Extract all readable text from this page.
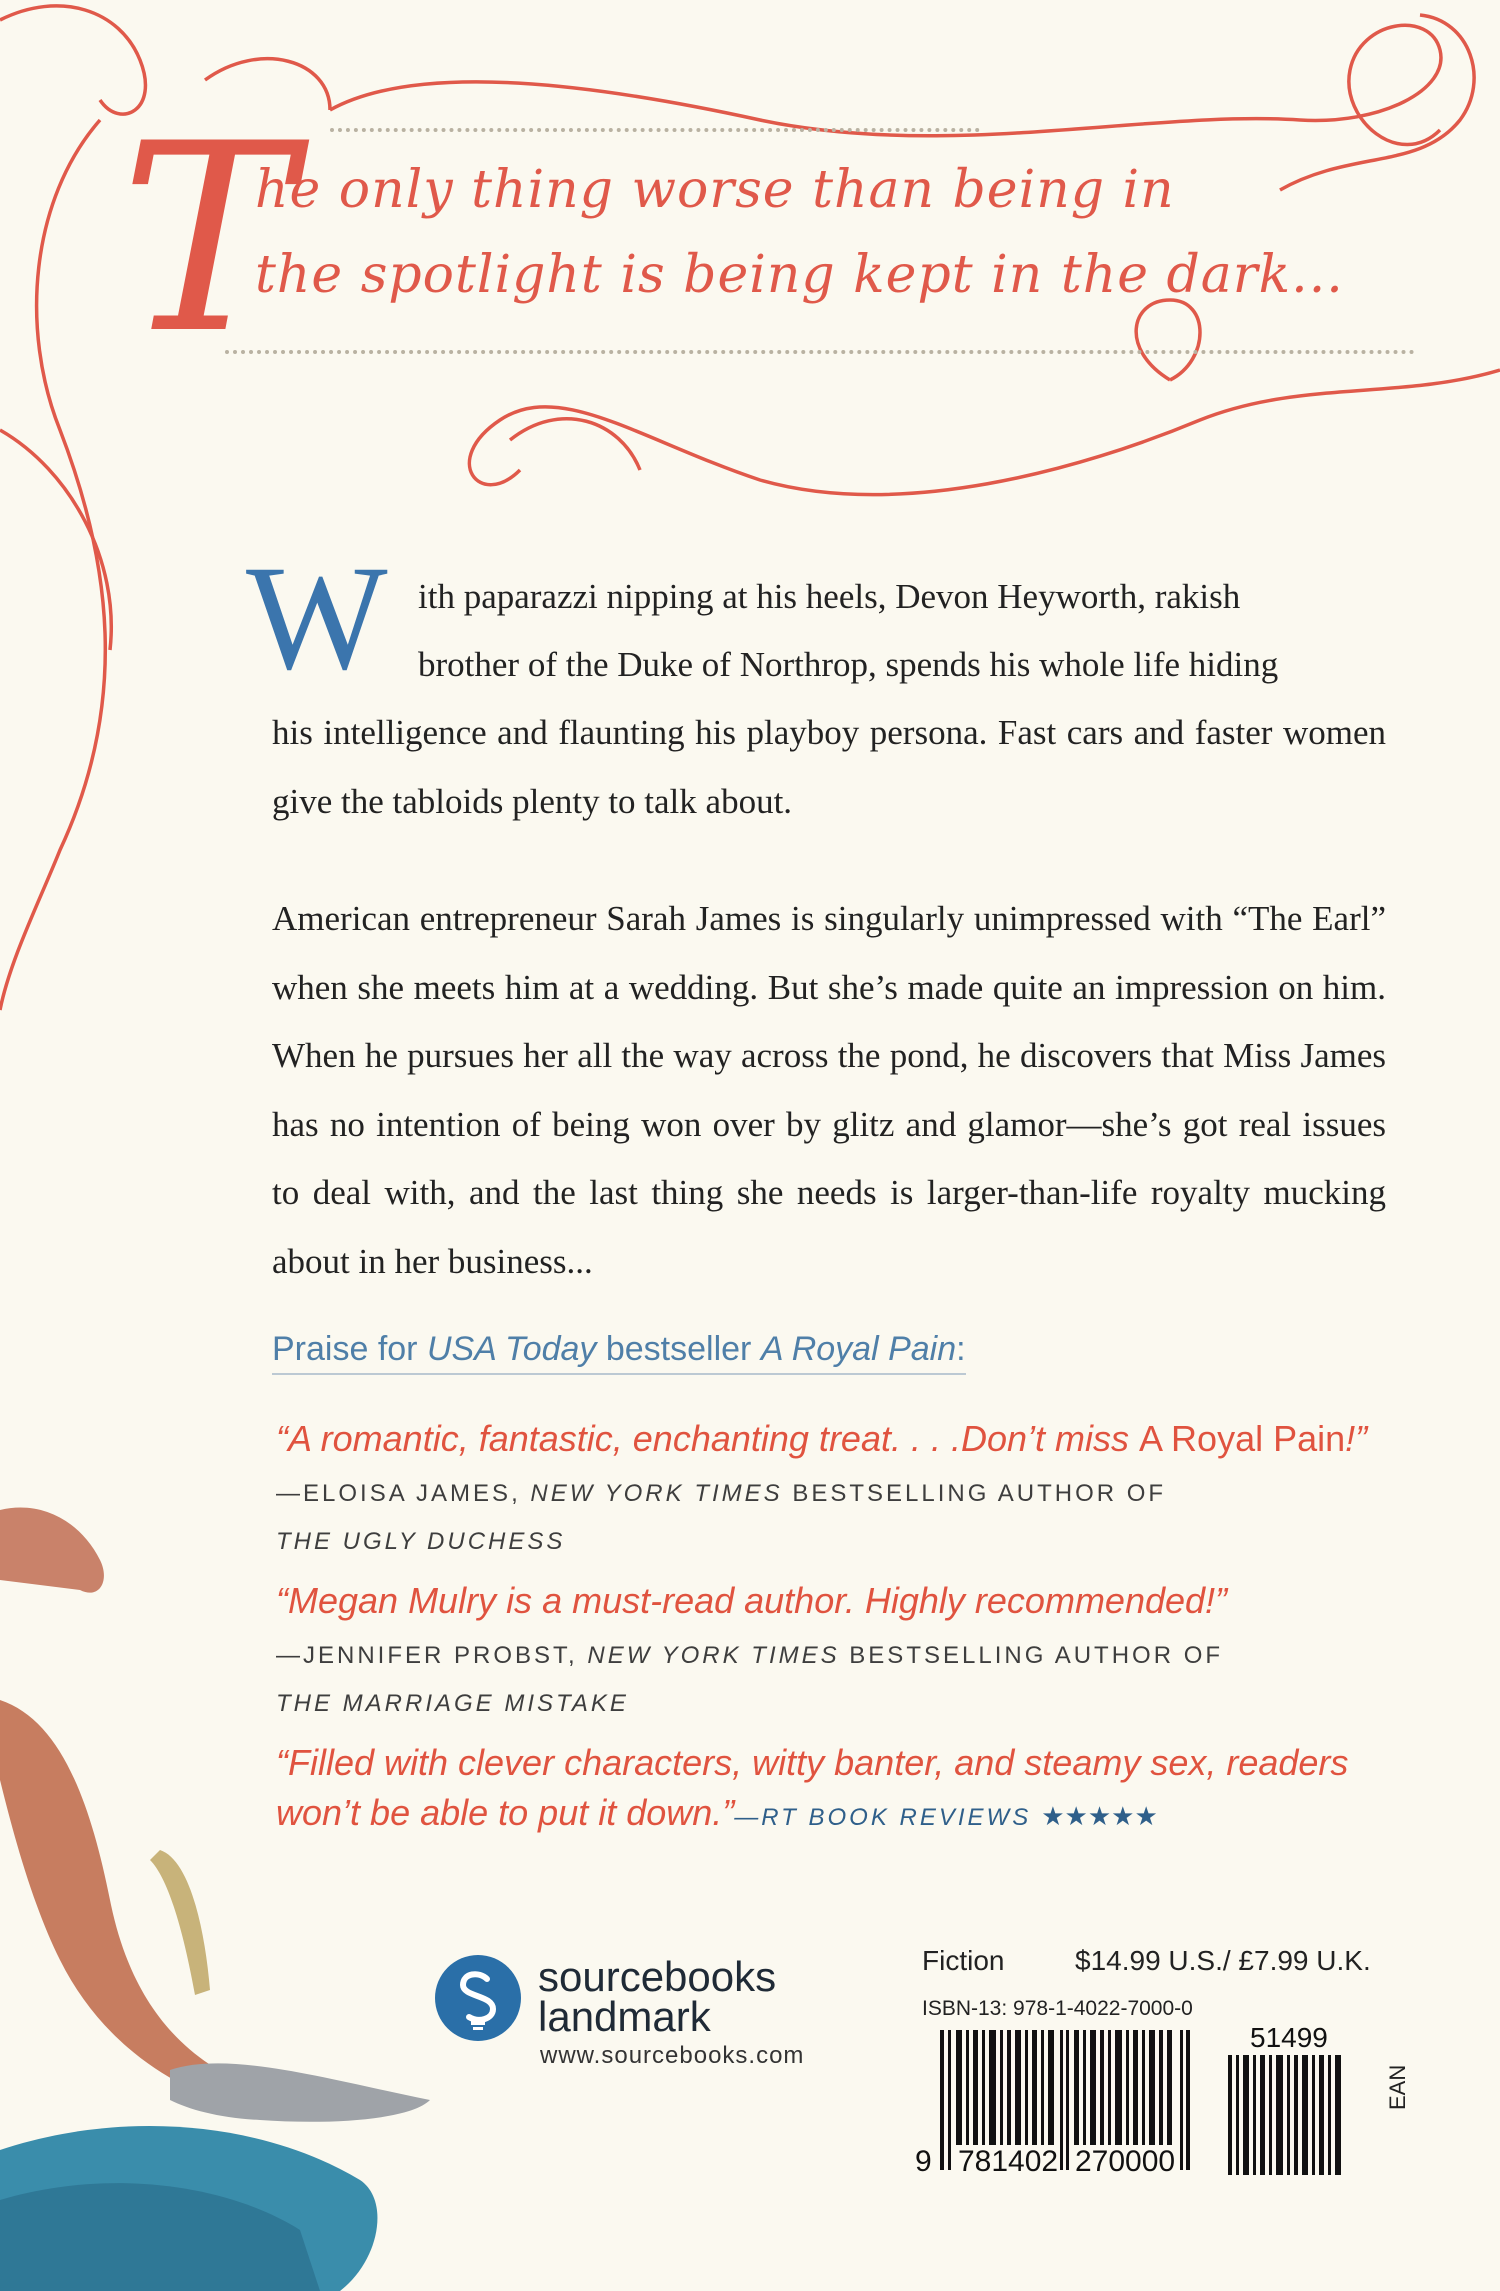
T
he only thing worse than being in
the spotlight is being kept in the dark...
W ith paparazzi nipping at his heels, Devon Heyworth, rakish
brother of the Duke of Northrop, spends his whole life hiding
his intelligence and flaunting his playboy persona. Fast cars and faster women give the tabloids plenty to talk about.
American entrepreneur Sarah James is singularly unimpressed with “The Earl” when she meets him at a wedding. But she’s made quite an impression on him. When he pursues her all the way across the pond, he discovers that Miss James has no intention of being won over by glitz and glamor—she’s got real issues to deal with, and the last thing she needs is larger-than-life royalty mucking about in her business...
Praise for USA Today bestseller A Royal Pain:
“A romantic, fantastic, enchanting treat. . . .Don’t miss A Royal Pain!”
—ELOISA JAMES, NEW YORK TIMES BESTSELLING AUTHOR OF
THE UGLY DUCHESS
“Megan Mulry is a must-read author. Highly recommended!”
—JENNIFER PROBST, NEW YORK TIMES BESTSELLING AUTHOR OF
THE MARRIAGE MISTAKE
“Filled with clever characters, witty banter, and steamy sex, readers
won’t be able to put it down.”—RT BOOK REVIEWS ★★★★★
sourcebooks
landmark
www.sourcebooks.com
Fiction	$14.99 U.S./ £7.99 U.K.
ISBN-13: 978-1-4022-7000-0
9 781402 270000
51499
EAN
